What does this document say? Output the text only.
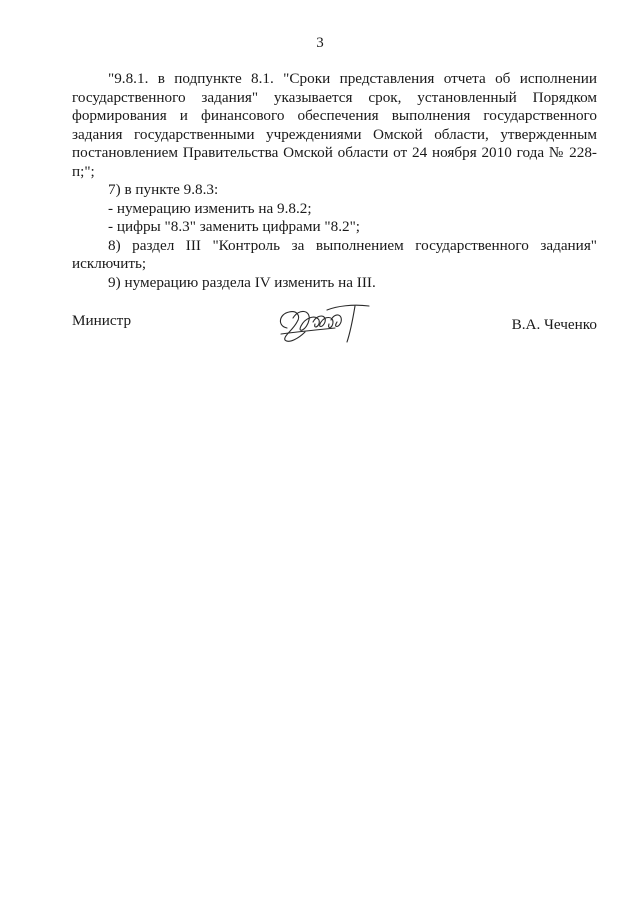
3

"9.8.1. в подпункте 8.1. "Сроки представления отчета об исполнении государственного задания" указывается срок, установленный Порядком формирования и финансового обеспечения выполнения государственного задания государственными учреждениями Омской области, утвержденным постановлением Правительства Омской области от 24 ноября 2010 года № 228-п;";

7) в пункте 9.8.3:

- нумерацию изменить на 9.8.2;

- цифры "8.3" заменить цифрами "8.2";

8) раздел III "Контроль за выполнением государственного задания" исключить;

9) нумерацию раздела IV изменить на III.

Министр	В.А. Чеченко
